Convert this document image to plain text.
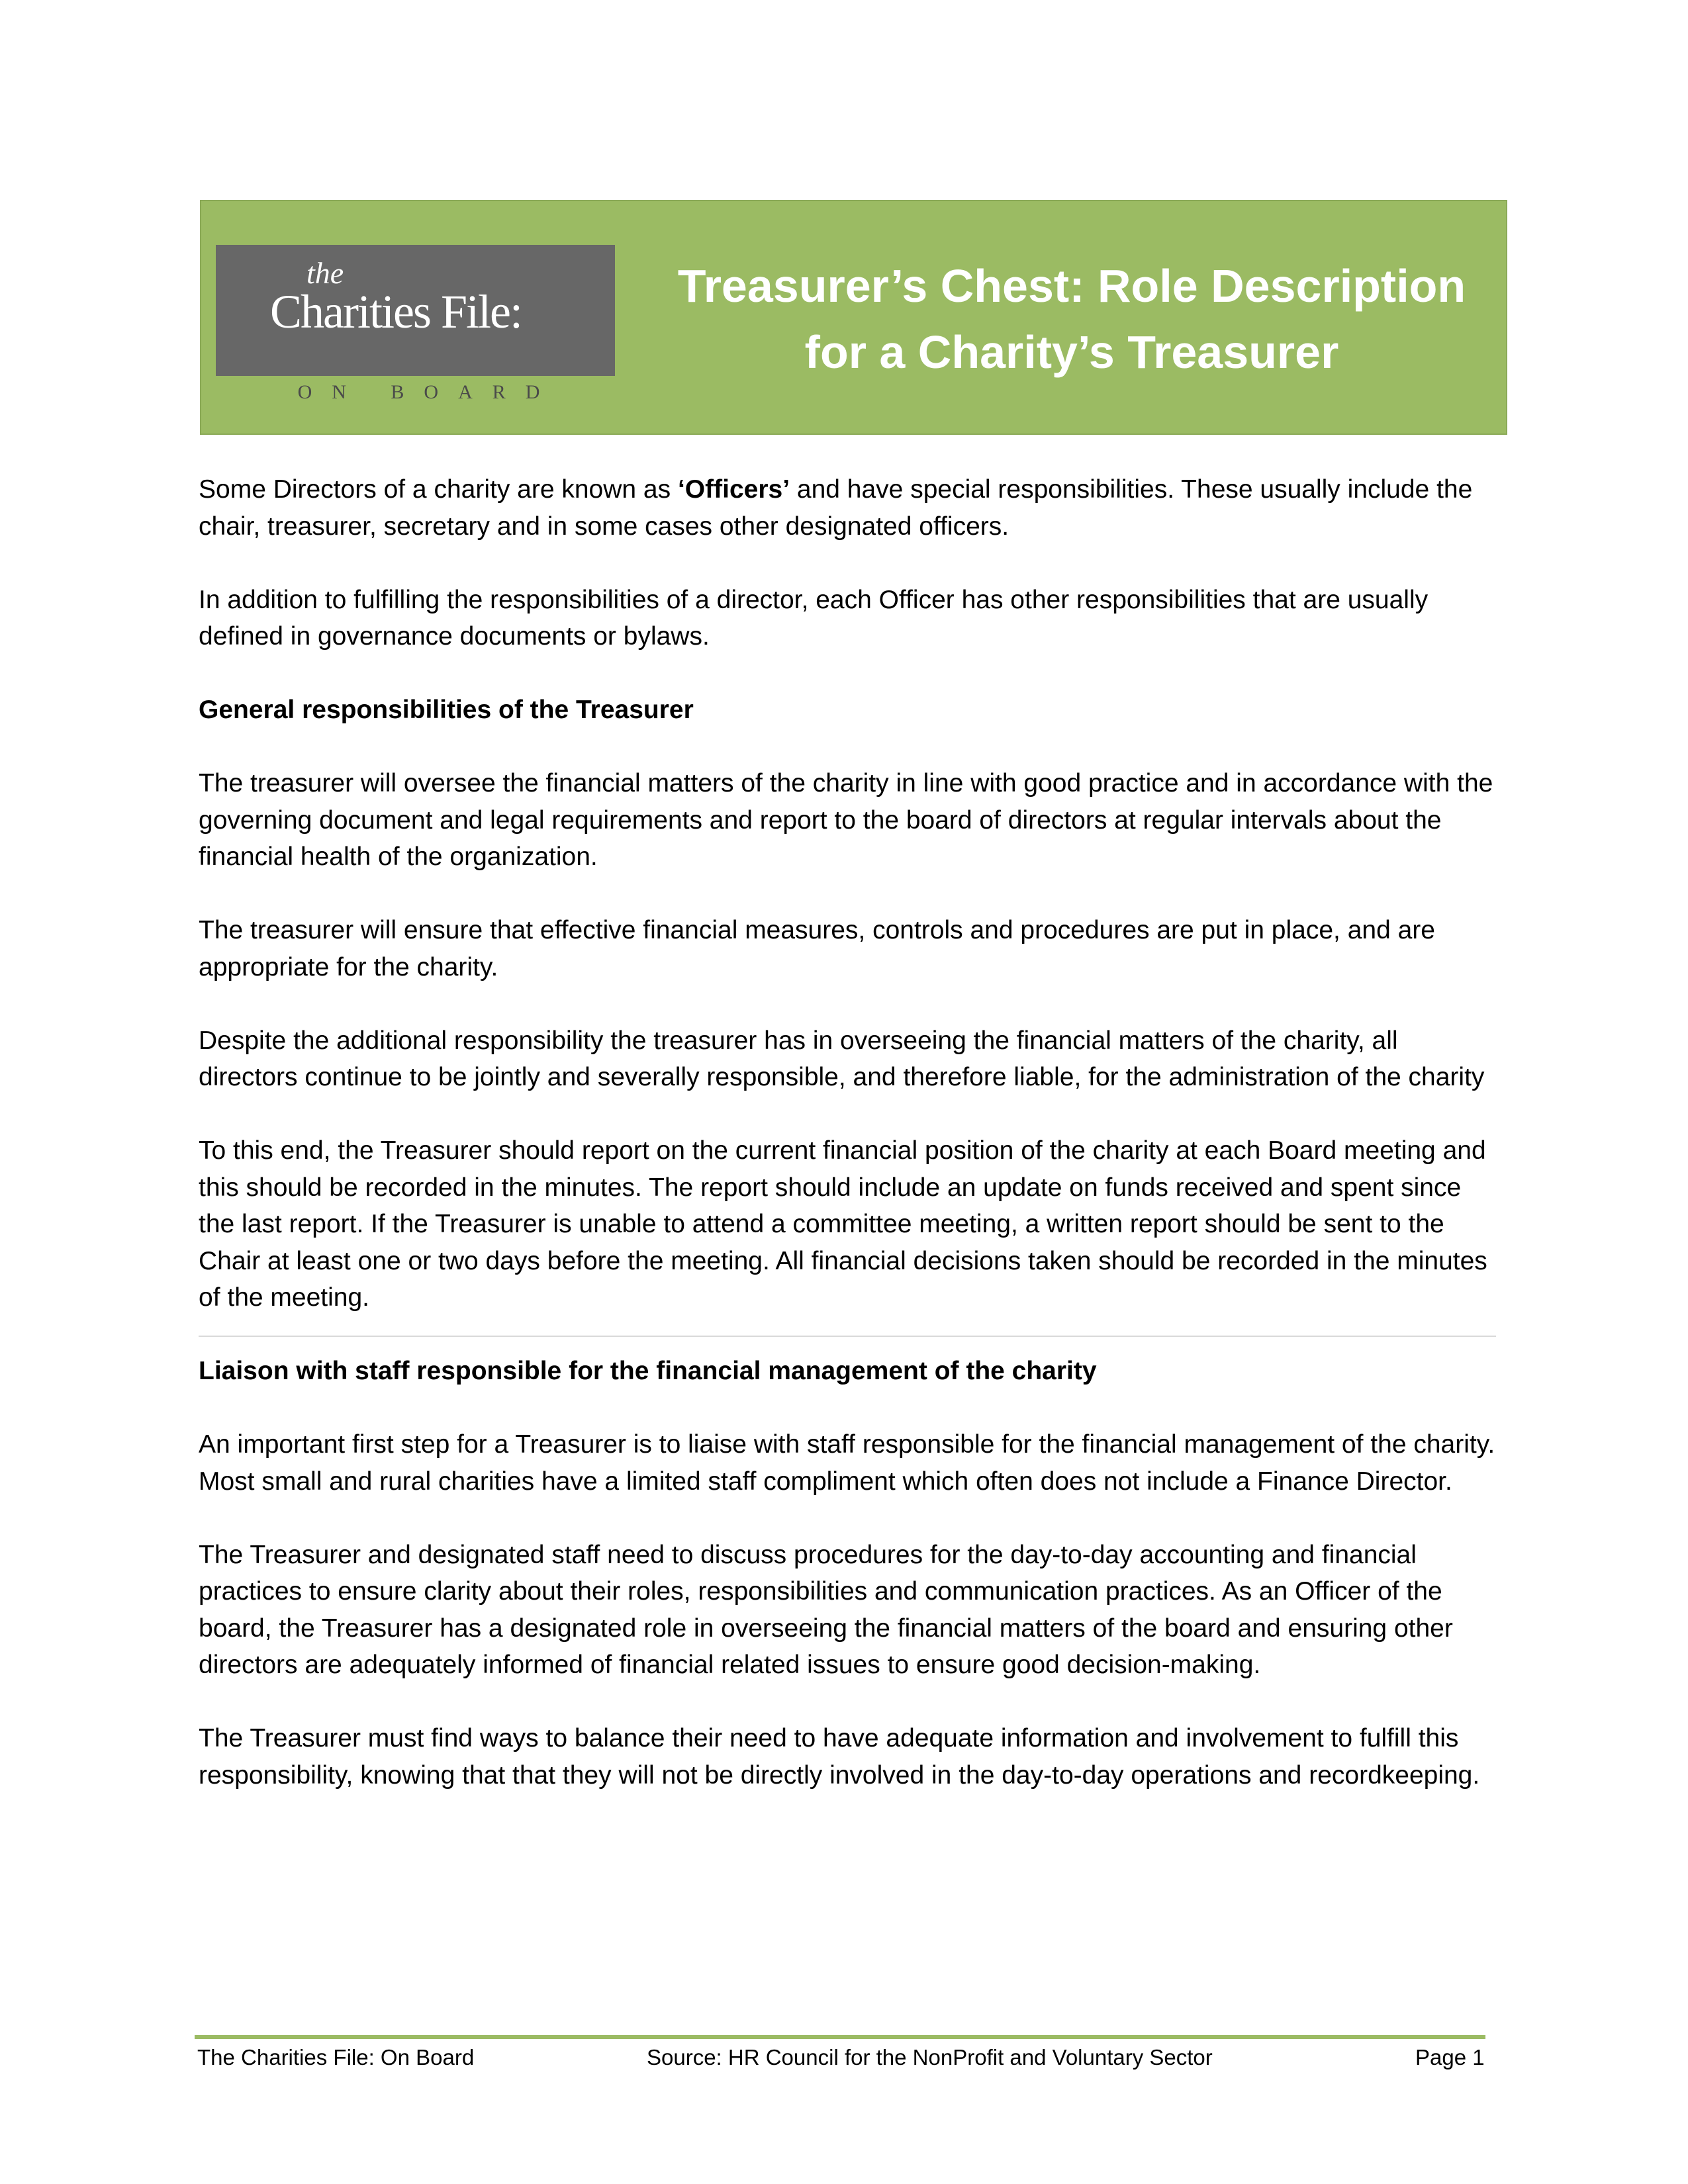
the
Charities File:
ON BOARD
Treasurer’s Chest: Role Description
for a Charity’s Treasurer

Some Directors of a charity are known as ‘Officers’ and have special responsibilities. These usually include the chair, treasurer, secretary and in some cases other designated officers.

In addition to fulfilling the responsibilities of a director, each Officer has other responsibilities that are usually defined in governance documents or bylaws.

General responsibilities of the Treasurer

The treasurer will oversee the financial matters of the charity in line with good practice and in accordance with the governing document and legal requirements and report to the board of directors at regular intervals about the financial health of the organization.

The treasurer will ensure that effective financial measures, controls and procedures are put in place, and are appropriate for the charity.

Despite the additional responsibility the treasurer has in overseeing the financial matters of the charity, all directors continue to be jointly and severally responsible, and therefore liable, for the administration of the charity

To this end, the Treasurer should report on the current financial position of the charity at each Board meeting and this should be recorded in the minutes. The report should include an update on funds received and spent since the last report. If the Treasurer is unable to attend a committee meeting, a written report should be sent to the Chair at least one or two days before the meeting. All financial decisions taken should be recorded in the minutes of the meeting.

Liaison with staff responsible for the financial management of the charity

An important first step for a Treasurer is to liaise with staff responsible for the financial management of the charity. Most small and rural charities have a limited staff compliment which often does not include a Finance Director.

The Treasurer and designated staff need to discuss procedures for the day-to-day accounting and financial practices to ensure clarity about their roles, responsibilities and communication practices. As an Officer of the board, the Treasurer has a designated role in overseeing the financial matters of the board and ensuring other directors are adequately informed of financial related issues to ensure good decision-making.

The Treasurer must find ways to balance their need to have adequate information and involvement to fulfill this responsibility, knowing that that they will not be directly involved in the day-to-day operations and recordkeeping.

The Charities File: On Board	Source: HR Council for the NonProfit and Voluntary Sector	Page 1
